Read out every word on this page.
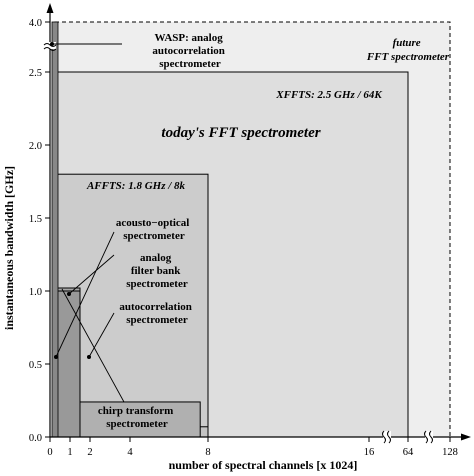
0.0
0.5
1.0
1.5
2.0
2.5
4.0
0 1 2	4	8	16	64	128
number of spectral channels [x 1024]
instantaneous bandwidth [GHz]
WASP: analog autocorrelation spectrometer
future FFT spectrometer
XFFTS: 2.5 GHz / 64K
today's FFT spectrometer
AFFTS: 1.8 GHz / 8k
acousto−optical spectrometer
analog filter bank spectrometer
autocorrelation spectrometer
chirp transform spectrometer
